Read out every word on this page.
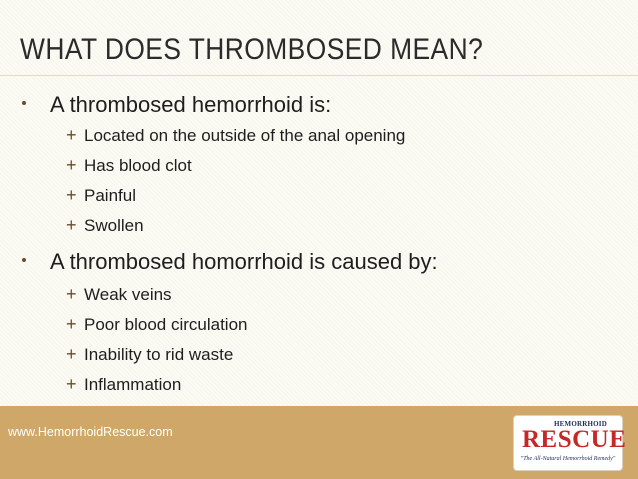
WHAT DOES THROMBOSED MEAN?
A thrombosed hemorrhoid is:
+ Located on the outside of the anal opening
+ Has blood clot
+ Painful
+ Swollen
A thrombosed homorrhoid is caused by:
+ Weak veins
+ Poor blood circulation
+ Inability to rid waste
+ Inflammation
www.HemorrhoidRescue.com
HEMORRHOID
RESCUE
"The All-Natural Hemorrhoid Remedy"
